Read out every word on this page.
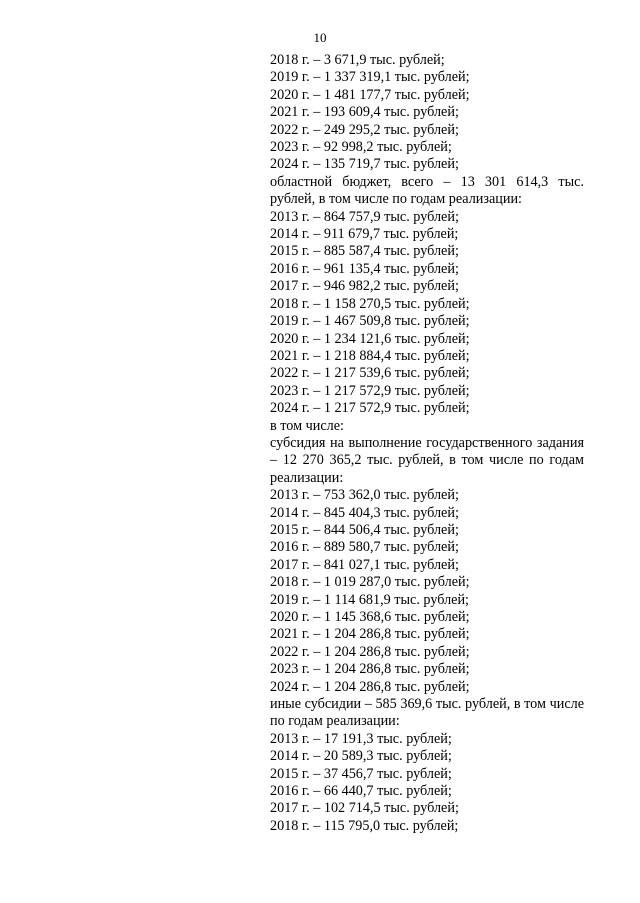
10
2018 г. – 3 671,9 тыс. рублей;
2019 г. – 1 337 319,1 тыс. рублей;
2020 г. – 1 481 177,7 тыс. рублей;
2021 г. – 193 609,4 тыс. рублей;
2022 г. – 249 295,2 тыс. рублей;
2023 г. – 92 998,2 тыс. рублей;
2024 г. – 135 719,7 тыс. рублей;
областной бюджет, всего – 13 301 614,3 тыс. рублей, в том числе по годам реализации:
2013 г. – 864 757,9 тыс. рублей;
2014 г. – 911 679,7 тыс. рублей;
2015 г. – 885 587,4 тыс. рублей;
2016 г. – 961 135,4 тыс. рублей;
2017 г. – 946 982,2 тыс. рублей;
2018 г. – 1 158 270,5 тыс. рублей;
2019 г. – 1 467 509,8 тыс. рублей;
2020 г. – 1 234 121,6 тыс. рублей;
2021 г. – 1 218 884,4 тыс. рублей;
2022 г. – 1 217 539,6 тыс. рублей;
2023 г. – 1 217 572,9 тыс. рублей;
2024 г. – 1 217 572,9 тыс. рублей;
в том числе:
субсидия на выполнение государственного задания – 12 270 365,2 тыс. рублей, в том числе по годам реализации:
2013 г. – 753 362,0 тыс. рублей;
2014 г. – 845 404,3 тыс. рублей;
2015 г. – 844 506,4 тыс. рублей;
2016 г. – 889 580,7 тыс. рублей;
2017 г. – 841 027,1 тыс. рублей;
2018 г. – 1 019 287,0 тыс. рублей;
2019 г. – 1 114 681,9 тыс. рублей;
2020 г. – 1 145 368,6 тыс. рублей;
2021 г. – 1 204 286,8 тыс. рублей;
2022 г. – 1 204 286,8 тыс. рублей;
2023 г. – 1 204 286,8 тыс. рублей;
2024 г. – 1 204 286,8 тыс. рублей;
иные субсидии – 585 369,6 тыс. рублей, в том числе по годам реализации:
2013 г. – 17 191,3 тыс. рублей;
2014 г. – 20 589,3 тыс. рублей;
2015 г. – 37 456,7 тыс. рублей;
2016 г. – 66 440,7 тыс. рублей;
2017 г. – 102 714,5 тыс. рублей;
2018 г. – 115 795,0 тыс. рублей;
